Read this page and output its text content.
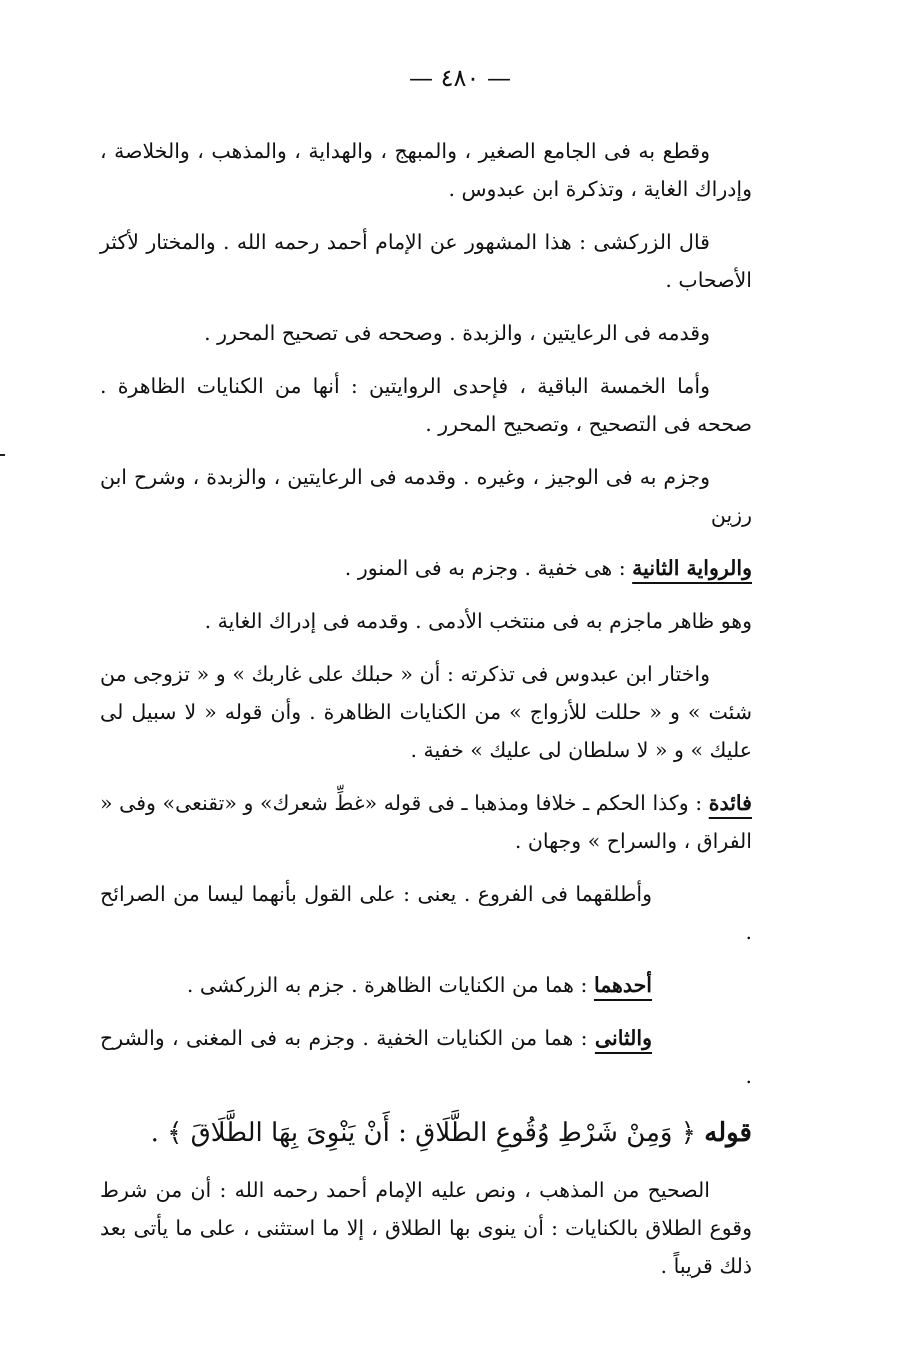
— ٤٨٠ —

وقطع به فى الجامع الصغير ، والمبهج ، والهداية ، والمذهب ، والخلاصة ، وإدراك الغاية ، وتذكرة ابن عبدوس .

قال الزركشى : هذا المشهور عن الإمام أحمد رحمه الله . والمختار لأكثر الأصحاب .

وقدمه فى الرعايتين ، والزبدة . وصححه فى تصحيح المحرر .

وأما الخمسة الباقية ، فإحدى الروايتين : أنها من الكنايات الظاهرة . صححه فى التصحيح ، وتصحيح المحرر .

وجزم به فى الوجيز ، وغيره . وقدمه فى الرعايتين ، والزبدة ، وشرح ابن رزين

والرواية الثانية : هى خفية . وجزم به فى المنور .

وهو ظاهر ماجزم به فى منتخب الأدمى . وقدمه فى إدراك الغاية .

واختار ابن عبدوس فى تذكرته : أن « حبلك على غاربك » و « تزوجى من شئت » و « حللت للأزواج » من الكنايات الظاهرة . وأن قوله « لا سبيل لى عليك » و « لا سلطان لى عليك » خفية .

فائدة : وكذا الحكم ـ خلافا ومذهبا ـ فى قوله «غطِّ شعرك» و «تقنعى» وفى « الفراق ، والسراح » وجهان .

وأطلقهما فى الفروع . يعنى : على القول بأنهما ليسا من الصرائح .

أحدهما : هما من الكنايات الظاهرة . جزم به الزركشى .

والثانى : هما من الكنايات الخفية . وجزم به فى المغنى ، والشرح .

قوله ﴿ وَمِنْ شَرْطِ وُقُوعِ الطَّلَاقِ : أَنْ يَنْوِىَ بِهَا الطَّلَاقَ ﴾ .

الصحيح من المذهب ، ونص عليه الإمام أحمد رحمه الله : أن من شرط وقوع الطلاق بالكنايات : أن ينوى بها الطلاق ، إلا ما استثنى ، على ما يأتى بعد ذلك قريباً .
